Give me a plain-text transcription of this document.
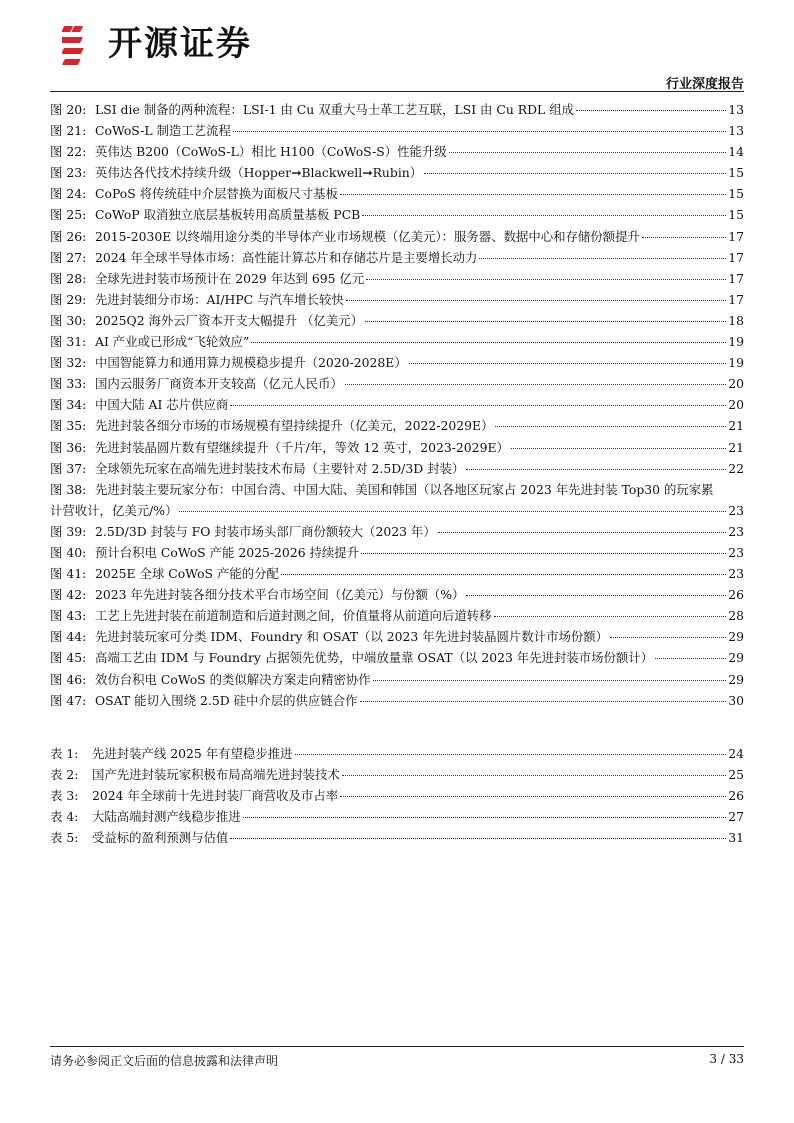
开源证券
行业深度报告
图 20: LSI die 制备的两种流程：LSI-1 由 Cu 双重大马士革工艺互联，LSI 由 Cu RDL 组成	13
图 21: CoWoS-L 制造工艺流程	13
图 22: 英伟达 B200（CoWoS-L）相比 H100（CoWoS-S）性能升级	14
图 23: 英伟达各代技术持续升级（Hopper➞Blackwell➞Rubin）	15
图 24: CoPoS 将传统硅中介层替换为面板尺寸基板	15
图 25: CoWoP 取消独立底层基板转用高质量基板 PCB	15
图 26: 2015-2030E 以终端用途分类的半导体产业市场规模（亿美元）：服务器、数据中心和存储份额提升	17
图 27: 2024 年全球半导体市场：高性能计算芯片和存储芯片是主要增长动力	17
图 28: 全球先进封装市场预计在 2029 年达到 695 亿元	17
图 29: 先进封装细分市场：AI/HPC 与汽车增长较快	17
图 30: 2025Q2 海外云厂资本开支大幅提升 （亿美元）	18
图 31: AI 产业或已形成“飞轮效应”	19
图 32: 中国智能算力和通用算力规模稳步提升（2020-2028E）	19
图 33: 国内云服务厂商资本开支较高（亿元人民币）	20
图 34: 中国大陆 AI 芯片供应商	20
图 35: 先进封装各细分市场的市场规模有望持续提升（亿美元，2022-2029E）	21
图 36: 先进封装晶圆片数有望继续提升（千片/年，等效 12 英寸，2023-2029E）	21
图 37: 全球领先玩家在高端先进封装技术布局（主要针对 2.5D/3D 封装）	22
图 38: 先进封装主要玩家分布：中国台湾、中国大陆、美国和韩国（以各地区玩家占 2023 年先进封装 Top30 的玩家累
计营收计，亿美元/%）	23
图 39: 2.5D/3D 封装与 FO 封装市场头部厂商份额较大（2023 年）	23
图 40: 预计台积电 CoWoS 产能 2025-2026 持续提升	23
图 41: 2025E 全球 CoWoS 产能的分配	23
图 42: 2023 年先进封装各细分技术平台市场空间（亿美元）与份额（%）	26
图 43: 工艺上先进封装在前道制造和后道封测之间，价值量将从前道向后道转移	28
图 44: 先进封装玩家可分类 IDM、Foundry 和 OSAT（以 2023 年先进封装晶圆片数计市场份额）	29
图 45: 高端工艺由 IDM 与 Foundry 占据领先优势，中端放量靠 OSAT（以 2023 年先进封装市场份额计）	29
图 46: 效仿台积电 CoWoS 的类似解决方案走向精密协作	29
图 47: OSAT 能切入围绕 2.5D 硅中介层的供应链合作	30
表 1:	先进封装产线 2025 年有望稳步推进	24
表 2:	国产先进封装玩家积极布局高端先进封装技术	25
表 3:	2024 年全球前十先进封装厂商营收及市占率	26
表 4:	大陆高端封测产线稳步推进	27
表 5:	受益标的盈利预测与估值	31
请务必参阅正文后面的信息披露和法律声明	3 / 33
